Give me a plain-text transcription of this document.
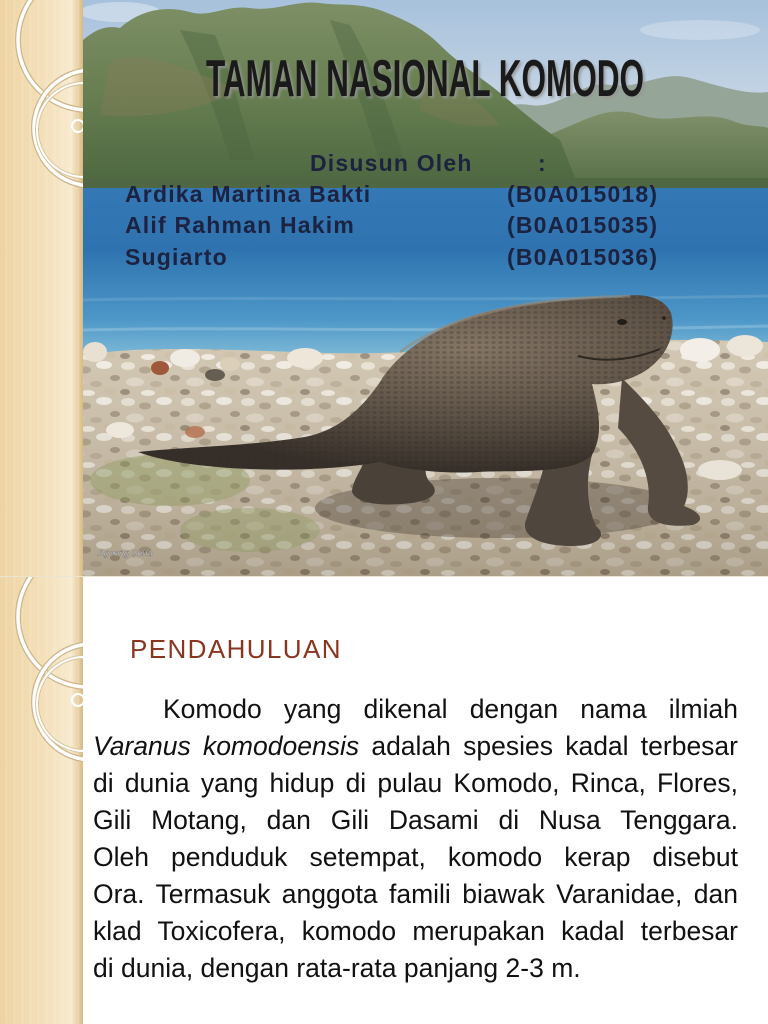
Agoeng Sena
TAMAN NASIONAL KOMODO
Disusun Oleh	:
Ardika Martina Bakti	(B0A015018)
Alif Rahman Hakim	(B0A015035)
Sugiarto	(B0A015036)
PENDAHULUAN
Komodo yang dikenal dengan nama ilmiah
Varanus komodoensis adalah spesies kadal terbesar
di dunia yang hidup di pulau Komodo, Rinca, Flores,
Gili Motang, dan Gili Dasami di Nusa Tenggara.
Oleh penduduk setempat, komodo kerap disebut
Ora. Termasuk anggota famili biawak Varanidae, dan
klad Toxicofera, komodo merupakan kadal terbesar
di dunia, dengan rata-rata panjang 2-3 m.
